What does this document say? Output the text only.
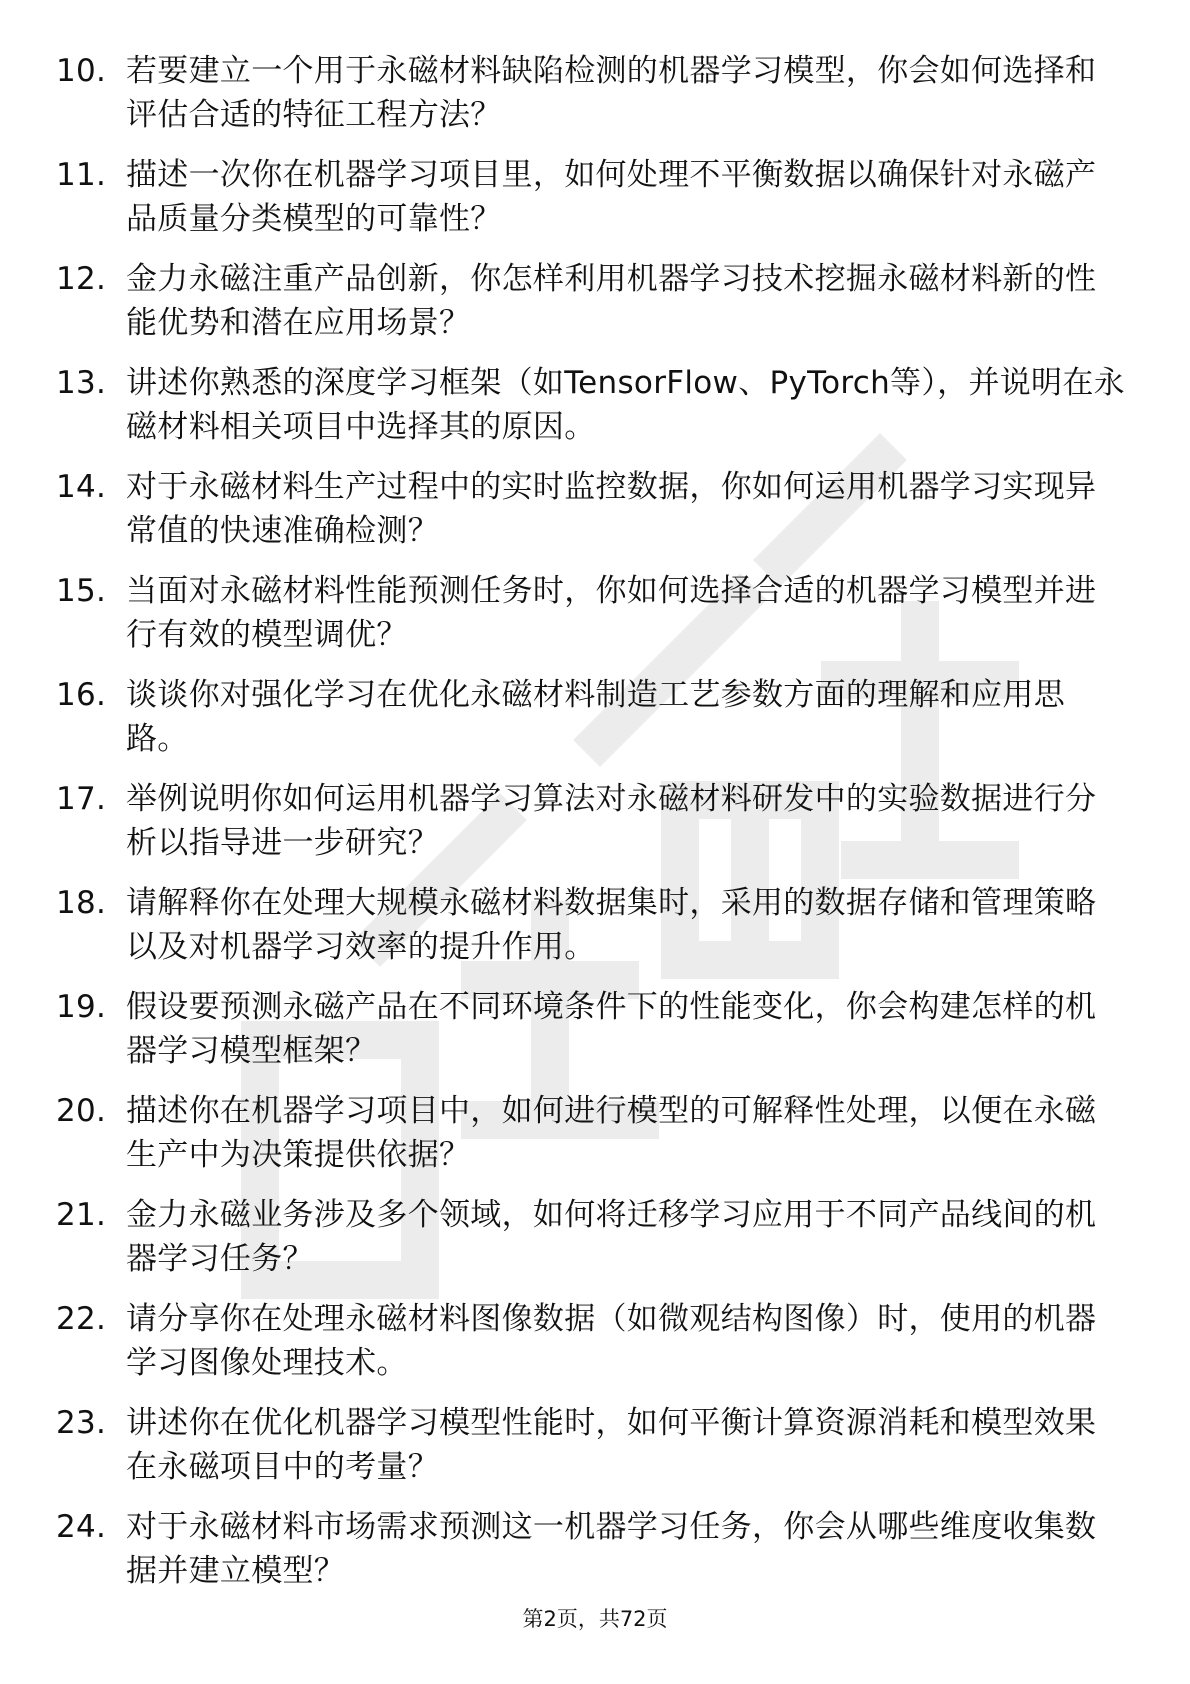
10. 若要建立一个用于永磁材料缺陷检测的机器学习模型，你会如何选择和评估合适的特征工程方法？
11. 描述一次你在机器学习项目里，如何处理不平衡数据以确保针对永磁产品质量分类模型的可靠性？
12. 金力永磁注重产品创新，你怎样利用机器学习技术挖掘永磁材料新的性能优势和潜在应用场景？
13. 讲述你熟悉的深度学习框架（如TensorFlow、PyTorch等），并说明在永磁材料相关项目中选择其的原因。
14. 对于永磁材料生产过程中的实时监控数据，你如何运用机器学习实现异常值的快速准确检测？
15. 当面对永磁材料性能预测任务时，你如何选择合适的机器学习模型并进行有效的模型调优？
16. 谈谈你对强化学习在优化永磁材料制造工艺参数方面的理解和应用思路。
17. 举例说明你如何运用机器学习算法对永磁材料研发中的实验数据进行分析以指导进一步研究？
18. 请解释你在处理大规模永磁材料数据集时，采用的数据存储和管理策略以及对机器学习效率的提升作用。
19. 假设要预测永磁产品在不同环境条件下的性能变化，你会构建怎样的机器学习模型框架？
20. 描述你在机器学习项目中，如何进行模型的可解释性处理，以便在永磁生产中为决策提供依据？
21. 金力永磁业务涉及多个领域，如何将迁移学习应用于不同产品线间的机器学习任务？
22. 请分享你在处理永磁材料图像数据（如微观结构图像）时，使用的机器学习图像处理技术。
23. 讲述你在优化机器学习模型性能时，如何平衡计算资源消耗和模型效果在永磁项目中的考量？
24. 对于永磁材料市场需求预测这一机器学习任务，你会从哪些维度收集数据并建立模型？
第2页，共72页
